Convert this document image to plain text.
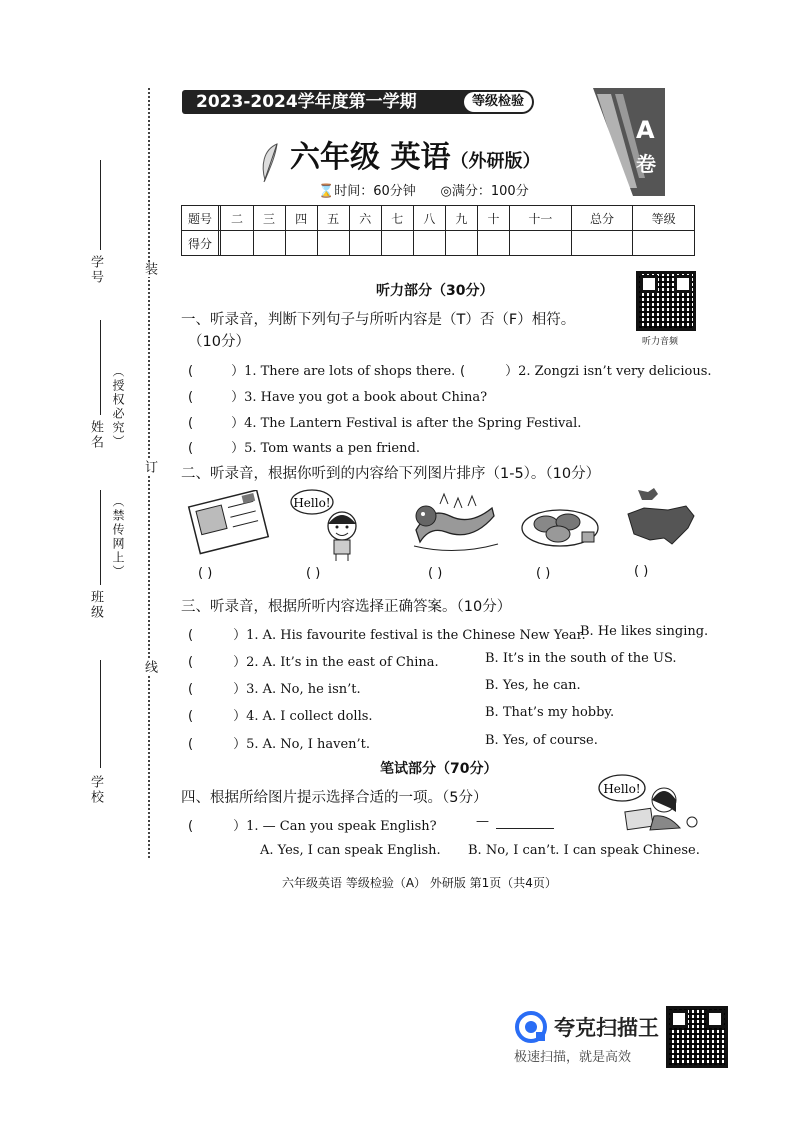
装
订
线
学号
姓名
班级
学校
（授权必究）
（禁传网上）
2023-2024学年度第一学期	等级检验
六年级 英语（外研版）
A
卷
⌛时间：60分钟 ◎满分：100分
题号		二	三	四	五	六	七	八	九	十	十一	总分	等级
得分													
听力部分（30分）
听力音频
一、听录音，判断下列句子与所听内容是（T）否（F）相符。
（10分）
(	）1. There are lots of shops there. (	）2. Zongzi isn’t very delicious.
(	）3. Have you got a book about China?
(	）4. The Lantern Festival is after the Spring Festival.
(	）5. Tom wants a pen friend.
二、听录音，根据你听到的内容给下列图片排序（1-5）。（10分）
Hello!
( )	( )	( )	( )	( )
三、听录音，根据所听内容选择正确答案。（10分）
(	）1. A. His favourite festival is the Chinese New Year.
B. He likes singing.
(	）2. A. It’s in the east of China.	B. It’s in the south of the US.
(	）3. A. No, he isn’t.	B. Yes, he can.
(	）4. A. I collect dolls.	B. That’s my hobby.
(	）5. A. No, I haven’t.	B. Yes, of course.
笔试部分（70分）
四、根据所给图片提示选择合适的一项。（5分）
(	）1. — Can you speak English?	—
A. Yes, I can speak English. B. No, I can’t. I can speak Chinese.
Hello!
六年级英语 等级检验（A） 外研版 第1页（共4页）
夸克扫描王
极速扫描，就是高效
